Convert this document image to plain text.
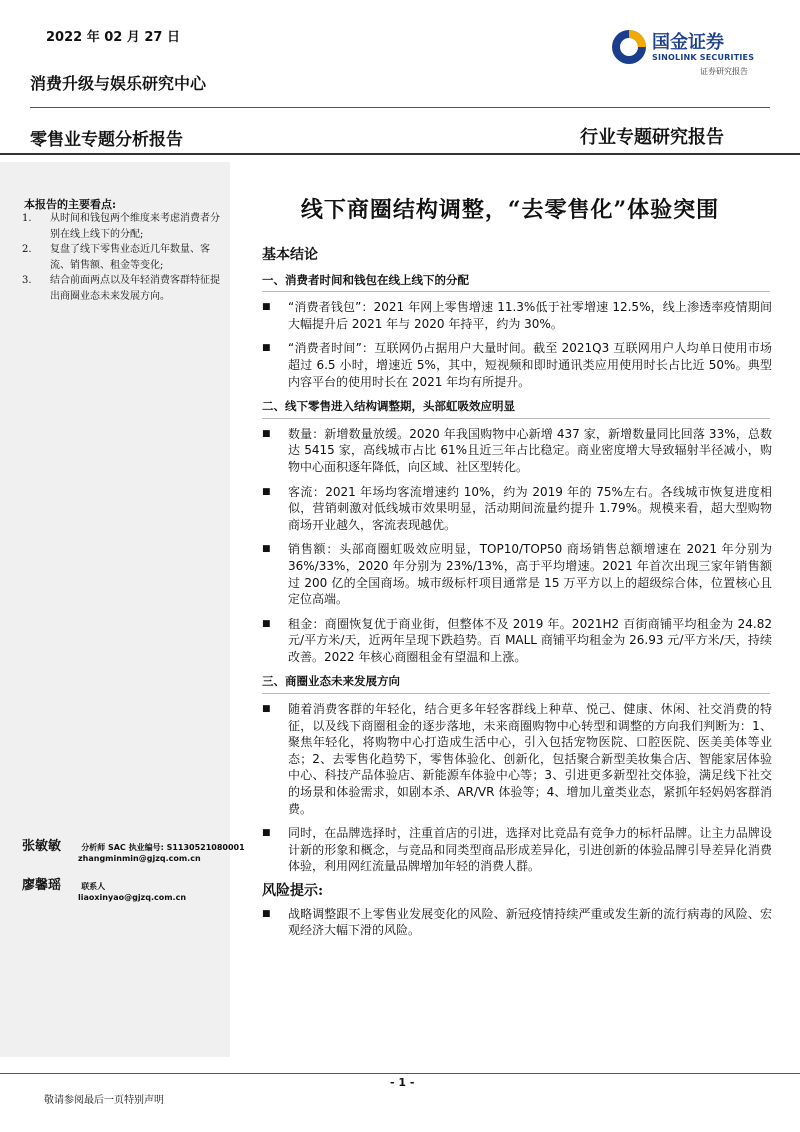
2022 年 02 月 27 日
消费升级与娱乐研究中心
国金证券
SINOLINK SECURITIES
证券研究报告
零售业专题分析报告	行业专题研究报告
本报告的主要看点:
1.	从时间和钱包两个维度来考虑消费者分别在线上线下的分配;
2.	复盘了线下零售业态近几年数量、客流、销售额、租金等变化;
3.	结合前面两点以及年轻消费客群特征提出商圈业态未来发展方向。
张敏敏	分析师 SAC 执业编号: S1130521080001
zhangminmin@gjzq.com.cn
廖馨瑶	联系人
liaoxinyao@gjzq.com.cn
线下商圈结构调整，“去零售化”体验突围
基本结论
一、消费者时间和钱包在线上线下的分配
■	“消费者钱包”：2021 年网上零售增速 11.3%低于社零增速 12.5%，线上渗透率疫情期间大幅提升后 2021 年与 2020 年持平，约为 30%。
■	“消费者时间”：互联网仍占据用户大量时间。截至 2021Q3 互联网用户人均单日使用市场超过 6.5 小时，增速近 5%，其中，短视频和即时通讯类应用使用时长占比近 50%。典型内容平台的使用时长在 2021 年均有所提升。
二、线下零售进入结构调整期，头部虹吸效应明显
■	数量：新增数量放缓。2020 年我国购物中心新增 437 家，新增数量同比回落 33%，总数达 5415 家，高线城市占比 61%且近三年占比稳定。商业密度增大导致辐射半径减小，购物中心面积逐年降低，向区域、社区型转化。
■	客流：2021 年场均客流增速约 10%，约为 2019 年的 75%左右。各线城市恢复进度相似，营销刺激对低线城市效果明显，活动期间流量约提升 1.79%。规模来看，超大型购物商场开业越久，客流表现越优。
■	销售额：头部商圈虹吸效应明显，TOP10/TOP50 商场销售总额增速在 2021 年分别为 36%/33%，2020 年分别为 23%/13%，高于平均增速。2021 年首次出现三家年销售额过 200 亿的全国商场。城市级标杆项目通常是 15 万平方以上的超级综合体，位置核心且定位高端。
■	租金：商圈恢复优于商业街，但整体不及 2019 年。2021H2 百街商铺平均租金为 24.82 元/平方米/天，近两年呈现下跌趋势。百 MALL 商铺平均租金为 26.93 元/平方米/天，持续改善。2022 年核心商圈租金有望温和上涨。
三、商圈业态未来发展方向
■	随着消费客群的年轻化，结合更多年轻客群线上种草、悦己、健康、休闲、社交消费的特征，以及线下商圈租金的逐步落地，未来商圈购物中心转型和调整的方向我们判断为：1、聚焦年轻化，将购物中心打造成生活中心，引入包括宠物医院、口腔医院、医美美体等业态；2、去零售化趋势下，零售体验化、创新化，包括聚合新型美妆集合店、智能家居体验中心、科技产品体验店、新能源车体验中心等；3、引进更多新型社交体验，满足线下社交的场景和体验需求，如剧本杀、AR/VR 体验等；4、增加儿童类业态，紧抓年轻妈妈客群消费。
■	同时，在品牌选择时，注重首店的引进，选择对比竞品有竞争力的标杆品牌。让主力品牌设计新的形象和概念，与竞品和同类型商品形成差异化，引进创新的体验品牌引导差异化消费体验，利用网红流量品牌增加年轻的消费人群。
风险提示:
■	战略调整跟不上零售业发展变化的风险、新冠疫情持续严重或发生新的流行病毒的风险、宏观经济大幅下滑的风险。
- 1 -
敬请参阅最后一页特别声明
